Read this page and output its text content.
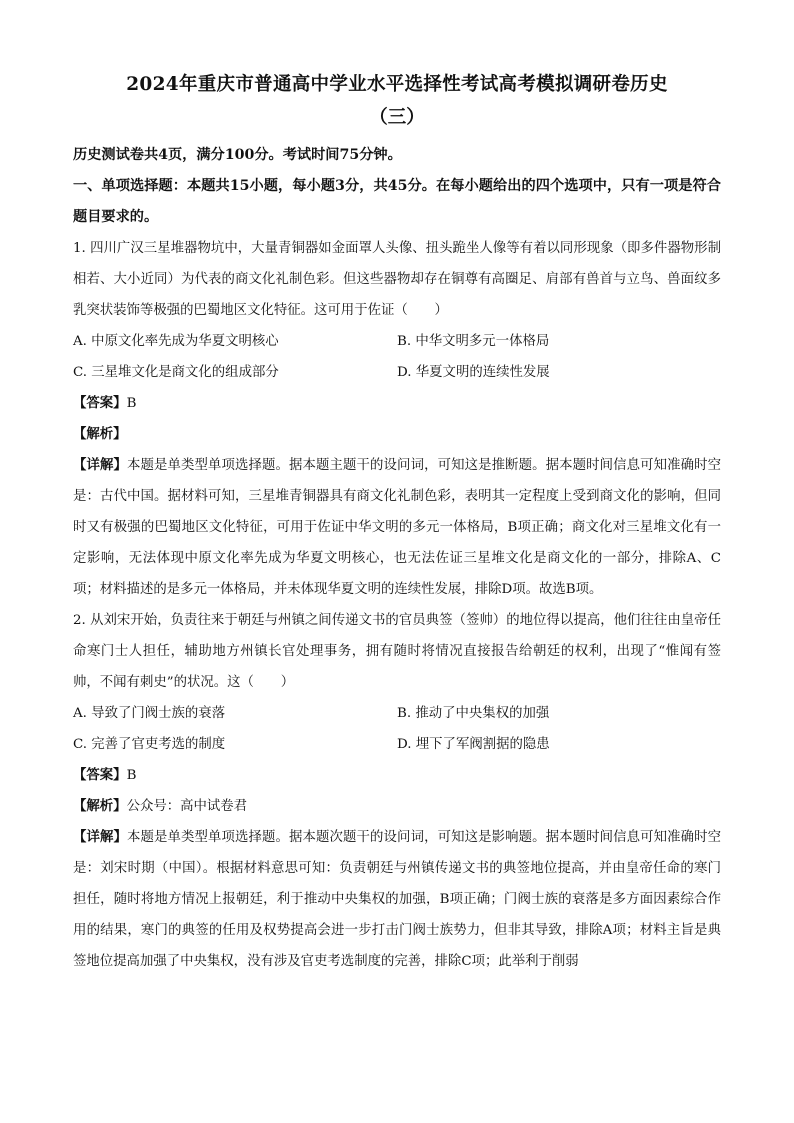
2024年重庆市普通高中学业水平选择性考试高考模拟调研卷历史
（三）

历史测试卷共4页，满分100分。考试时间75分钟。

一、单项选择题：本题共15小题，每小题3分，共45分。在每小题给出的四个选项中，只有一项是符合题目要求的。

1. 四川广汉三星堆器物坑中，大量青铜器如金面罩人头像、扭头跪坐人像等有着以同形现象（即多件器物形制相若、大小近同）为代表的商文化礼制色彩。但这些器物却存在铜尊有高圈足、肩部有兽首与立鸟、兽面纹多乳突状装饰等极强的巴蜀地区文化特征。这可用于佐证（　　）

A. 中原文化率先成为华夏文明核心	B. 中华文明多元一体格局
C. 三星堆文化是商文化的组成部分	D. 华夏文明的连续性发展

【答案】B

【解析】

【详解】本题是单类型单项选择题。据本题主题干的设问词，可知这是推断题。据本题时间信息可知准确时空是：古代中国。据材料可知，三星堆青铜器具有商文化礼制色彩，表明其一定程度上受到商文化的影响，但同时又有极强的巴蜀地区文化特征，可用于佐证中华文明的多元一体格局，B项正确；商文化对三星堆文化有一定影响，无法体现中原文化率先成为华夏文明核心，也无法佐证三星堆文化是商文化的一部分，排除A、C项；材料描述的是多元一体格局，并未体现华夏文明的连续性发展，排除D项。故选B项。

2. 从刘宋开始，负责往来于朝廷与州镇之间传递文书的官员典签（签帅）的地位得以提高，他们往往由皇帝任命寒门士人担任，辅助地方州镇长官处理事务，拥有随时将情况直接报告给朝廷的权利，出现了“惟闻有签帅，不闻有刺史”的状况。这（　　）

A. 导致了门阀士族的衰落	B. 推动了中央集权的加强
C. 完善了官吏考选的制度	D. 埋下了军阀割据的隐患

【答案】B

【解析】公众号：高中试卷君

【详解】本题是单类型单项选择题。据本题次题干的设问词，可知这是影响题。据本题时间信息可知准确时空是：刘宋时期（中国）。根据材料意思可知：负责朝廷与州镇传递文书的典签地位提高，并由皇帝任命的寒门担任，随时将地方情况上报朝廷，利于推动中央集权的加强，B项正确；门阀士族的衰落是多方面因素综合作用的结果，寒门的典签的任用及权势提高会进一步打击门阀士族势力，但非其导致，排除A项；材料主旨是典签地位提高加强了中央集权，没有涉及官吏考选制度的完善，排除C项；此举利于削弱
